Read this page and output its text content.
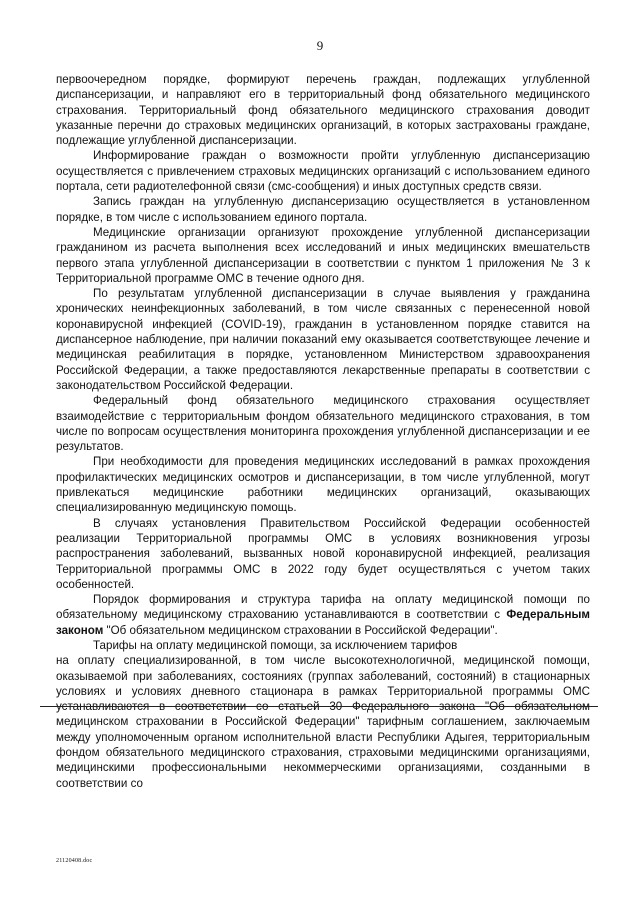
9

первоочередном порядке, формируют перечень граждан, подлежащих углубленной диспансеризации, и направляют его в территориальный фонд обязательного медицинского страхования. Территориальный фонд обязательного медицинского страхования доводит указанные перечни до страховых медицинских организаций, в которых застрахованы граждане, подлежащие углубленной диспансеризации.

Информирование граждан о возможности пройти углубленную диспансеризацию осуществляется с привлечением страховых медицинских организаций с использованием единого портала, сети радиотелефонной связи (смс-сообщения) и иных доступных средств связи.

Запись граждан на углубленную диспансеризацию осуществляется в установленном порядке, в том числе с использованием единого портала.

Медицинские организации организуют прохождение углубленной диспансеризации гражданином из расчета выполнения всех исследований и иных медицинских вмешательств первого этапа углубленной диспансеризации в соответствии с пунктом 1 приложения № 3 к Территориальной программе ОМС в течение одного дня.

По результатам углубленной диспансеризации в случае выявления у гражданина хронических неинфекционных заболеваний, в том числе связанных с перенесенной новой коронавирусной инфекцией (COVID-19), гражданин в установленном порядке ставится на диспансерное наблюдение, при наличии показаний ему оказывается соответствующее лечение и медицинская реабилитация в порядке, установленном Министерством здравоохранения Российской Федерации, а также предоставляются лекарственные препараты в соответствии с законодательством Российской Федерации.

Федеральный фонд обязательного медицинского страхования осуществляет взаимодействие с территориальным фондом обязательного медицинского страхования, в том числе по вопросам осуществления мониторинга прохождения углубленной диспансеризации и ее результатов.

При необходимости для проведения медицинских исследований в рамках прохождения профилактических медицинских осмотров и диспансеризации, в том числе углубленной, могут привлекаться медицинские работники медицинских организаций, оказывающих специализированную медицинскую помощь.

В случаях установления Правительством Российской Федерации особенностей реализации Территориальной программы ОМС в условиях возникновения угрозы распространения заболеваний, вызванных новой коронавирусной инфекцией, реализация Территориальной программы ОМС в 2022 году будет осуществляться с учетом таких особенностей.

Порядок формирования и структура тарифа на оплату медицинской помощи по обязательному медицинскому страхованию устанавливаются в соответствии с Федеральным законом "Об обязательном медицинском страховании в Российской Федерации".

Тарифы на оплату медицинской помощи, за исключением тарифов

на оплату специализированной, в том числе высокотехнологичной, медицинской помощи, оказываемой при заболеваниях, состояниях (группах заболеваний, состояний) в стационарных условиях и условиях дневного стационара в рамках Территориальной программы ОМС устанавливаются в соответствии со статьей 30 Федерального закона "Об обязательном медицинском страховании в Российской Федерации" тарифным соглашением, заключаемым между уполномоченным органом исполнительной власти Республики Адыгея, территориальным фондом обязательного медицинского страхования, страховыми медицинскими организациями, медицинскими профессиональными некоммерческими организациями, созданными в соответствии со

21120408.doc
